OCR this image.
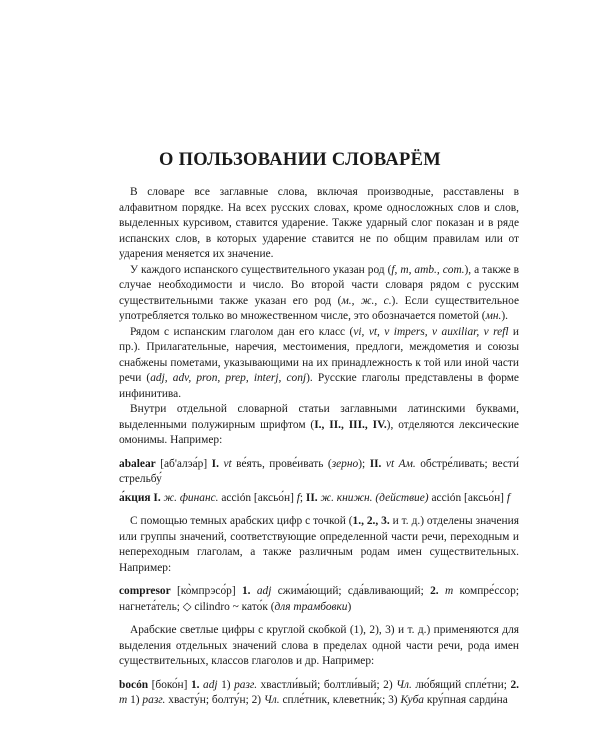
О ПОЛЬЗОВАНИИ СЛОВАРЁМ

В словаре все заглавные слова, включая производные, расставлены в алфавитном порядке. На всех русских словах, кроме односложных слов и слов, выделенных курсивом, ставится ударение. Также ударный слог показан и в ряде испанских слов, в которых ударение ставится не по общим правилам или от ударения меняется их значение.

У каждого испанского существительного указан род (f, m, amb., com.), а также в случае необходимости и число. Во второй части словаря рядом с русским существительными также указан его род (м., ж., с.). Если существительное употребляется только во множественном числе, это обозначается пометой (мн.).

Рядом с испанским глаголом дан его класс (vi, vt, v impers, v auxiliar, v refl и пр.). Прилагательные, наречия, местоимения, предлоги, междометия и союзы снабжены пометами, указывающими на их принадлежность к той или иной части речи (adj, adv, pron, prep, interj, conj). Русские глаголы представлены в форме инфинитива.

Внутри отдельной словарной статьи заглавными латинскими буквами, выделенными полужирным шрифтом (I., II., III., IV.), отделяются лексические омонимы. Например:

abalear [аб'алэа́р] I. vt ве́ять, прове́ивать (зерно); II. vt Ам. обстре́ливать; вести́ стрельбу́

а́кция I. ж. финанс. acción [аксьо́н] f; II. ж. книжн. (действие) acción [аксьо́н] f

С помощью темных арабских цифр с точкой (1., 2., 3. и т. д.) отделены значения или группы значений, соответствующие определенной части речи, переходным и непереходным глаголам, а также различным родам имен существительных. Например:

compresor [ко̀мпрэсо́р] 1. adj сжима́ющий; сда́вливающий; 2. m компре́ссор; нагнета́тель; ◇ cilindro ~ като́к (для трамбовки)

Арабские светлые цифры с круглой скобкой (1), 2), 3) и т. д.) применяются для выделения отдельных значений слова в пределах одной части речи, рода имен существительных, классов глаголов и др. Например:

bocón [боко́н] 1. adj 1) разг. хвастли́вый; болтли́вый; 2) Чл. лю́бящий спле́тни; 2. m 1) разг. хвасту́н; болту́н; 2) Чл. спле́тник, клеветни́к; 3) Куба кру́пная сарди́на
